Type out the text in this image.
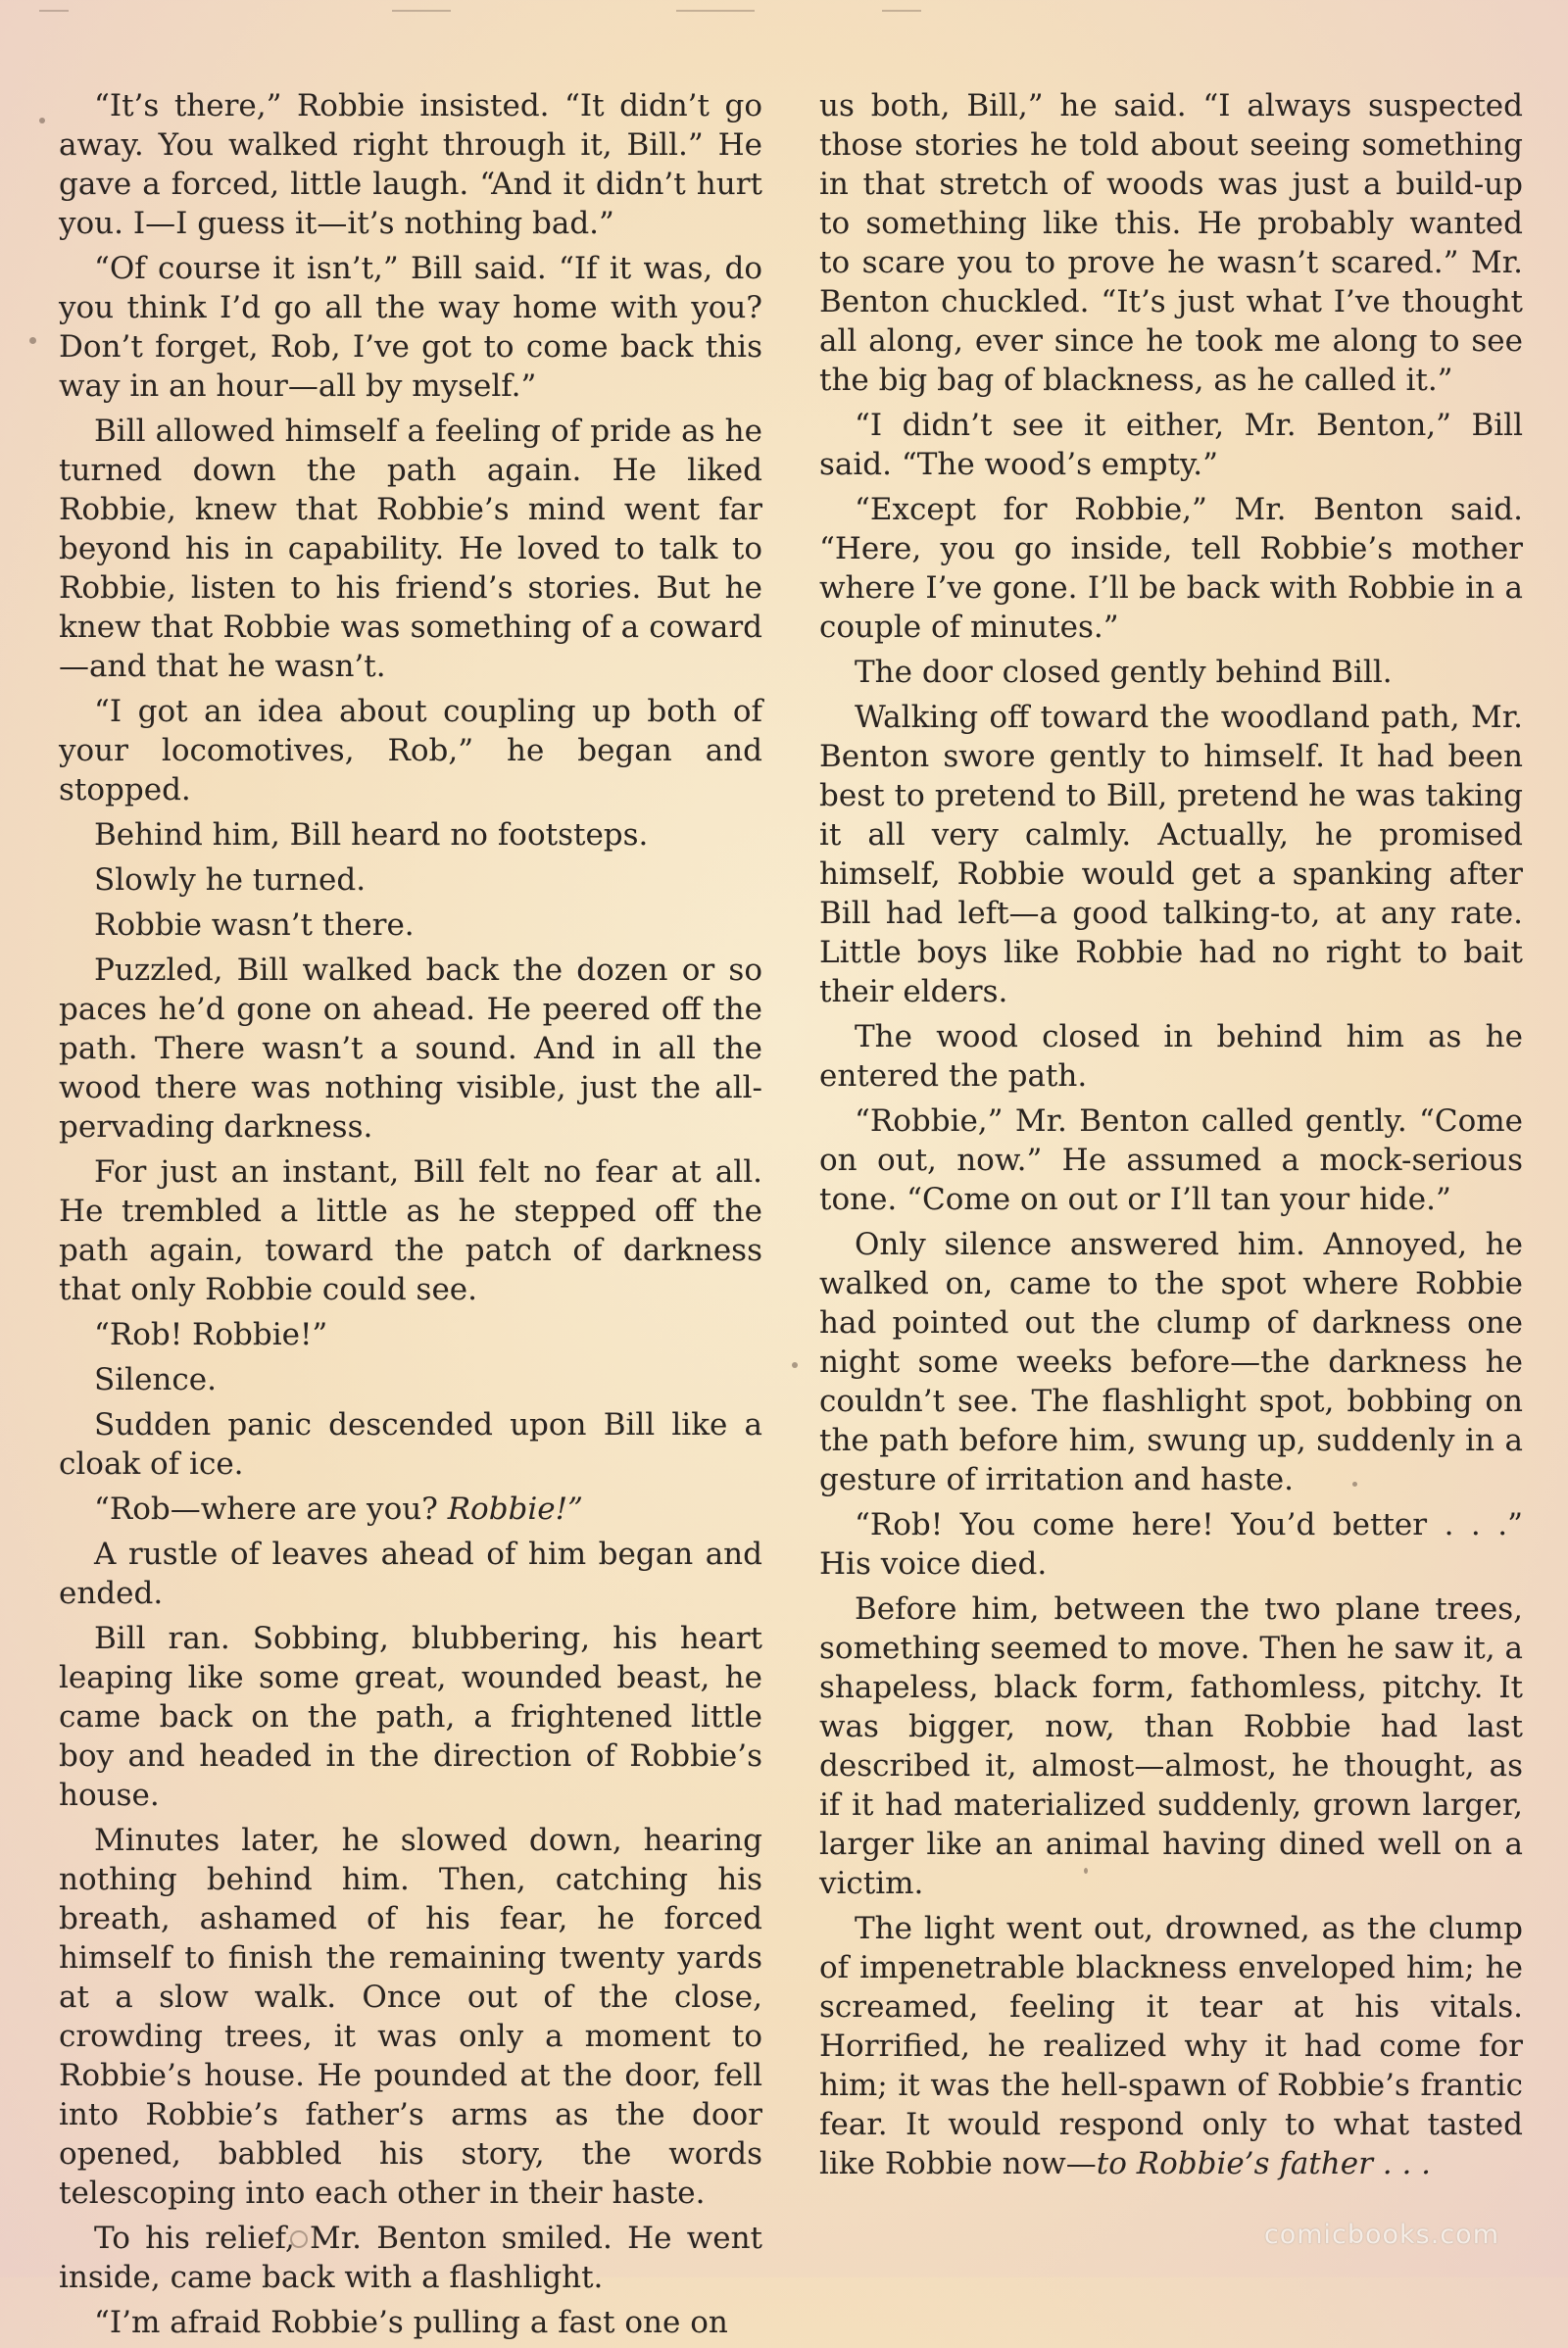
“It’s there,” Robbie insisted. “It didn’t go away. You walked right through it, Bill.” He gave a forced, little laugh. “And it didn’t hurt you. I—I guess it—it’s nothing bad.”

“Of course it isn’t,” Bill said. “If it was, do you think I’d go all the way home with you? Don’t forget, Rob, I’ve got to come back this way in an hour—all by myself.”

Bill allowed himself a feeling of pride as he turned down the path again. He liked Robbie, knew that Robbie’s mind went far beyond his in capability. He loved to talk to Robbie, listen to his friend’s stories. But he knew that Robbie was something of a coward —and that he wasn’t.

“I got an idea about coupling up both of your locomotives, Rob,” he began and stopped.

Behind him, Bill heard no footsteps.

Slowly he turned.

Robbie wasn’t there.

Puzzled, Bill walked back the dozen or so paces he’d gone on ahead. He peered off the path. There wasn’t a sound. And in all the wood there was nothing visible, just the all-pervading darkness.

For just an instant, Bill felt no fear at all. He trembled a little as he stepped off the path again, toward the patch of darkness that only Robbie could see.

“Rob! Robbie!”

Silence.

Sudden panic descended upon Bill like a cloak of ice.

“Rob—where are you? Robbie!”

A rustle of leaves ahead of him began and ended.

Bill ran. Sobbing, blubbering, his heart leaping like some great, wounded beast, he came back on the path, a frightened little boy and headed in the direction of Robbie’s house.

Minutes later, he slowed down, hearing nothing behind him. Then, catching his breath, ashamed of his fear, he forced himself to finish the remaining twenty yards at a slow walk. Once out of the close, crowding trees, it was only a moment to Robbie’s house. He pounded at the door, fell into Robbie’s father’s arms as the door opened, babbled his story, the words telescoping into each other in their haste.

To his relief, Mr. Benton smiled. He went inside, came back with a flashlight.

“I’m afraid Robbie’s pulling a fast one on

us both, Bill,” he said. “I always suspected those stories he told about seeing something in that stretch of woods was just a build-up to something like this. He probably wanted to scare you to prove he wasn’t scared.” Mr. Benton chuckled. “It’s just what I’ve thought all along, ever since he took me along to see the big bag of blackness, as he called it.”

“I didn’t see it either, Mr. Benton,” Bill said. “The wood’s empty.”

“Except for Robbie,” Mr. Benton said. “Here, you go inside, tell Robbie’s mother where I’ve gone. I’ll be back with Robbie in a couple of minutes.”

The door closed gently behind Bill.

Walking off toward the woodland path, Mr. Benton swore gently to himself. It had been best to pretend to Bill, pretend he was taking it all very calmly. Actually, he promised himself, Robbie would get a spanking after Bill had left—a good talking-to, at any rate. Little boys like Robbie had no right to bait their elders.

The wood closed in behind him as he entered the path.

“Robbie,” Mr. Benton called gently. “Come on out, now.” He assumed a mock-serious tone. “Come on out or I’ll tan your hide.”

Only silence answered him. Annoyed, he walked on, came to the spot where Robbie had pointed out the clump of darkness one night some weeks before—the darkness he couldn’t see. The flashlight spot, bobbing on the path before him, swung up, suddenly in a gesture of irritation and haste.

“Rob! You come here! You’d better . . .” His voice died.

Before him, between the two plane trees, something seemed to move. Then he saw it, a shapeless, black form, fathomless, pitchy. It was bigger, now, than Robbie had last described it, almost—almost, he thought, as if it had materialized suddenly, grown larger, larger like an animal having dined well on a victim.

The light went out, drowned, as the clump of impenetrable blackness enveloped him; he screamed, feeling it tear at his vitals. Horrified, he realized why it had come for him; it was the hell-spawn of Robbie’s frantic fear. It would respond only to what tasted like Robbie now—to Robbie’s father . . .

comicbooks.com
